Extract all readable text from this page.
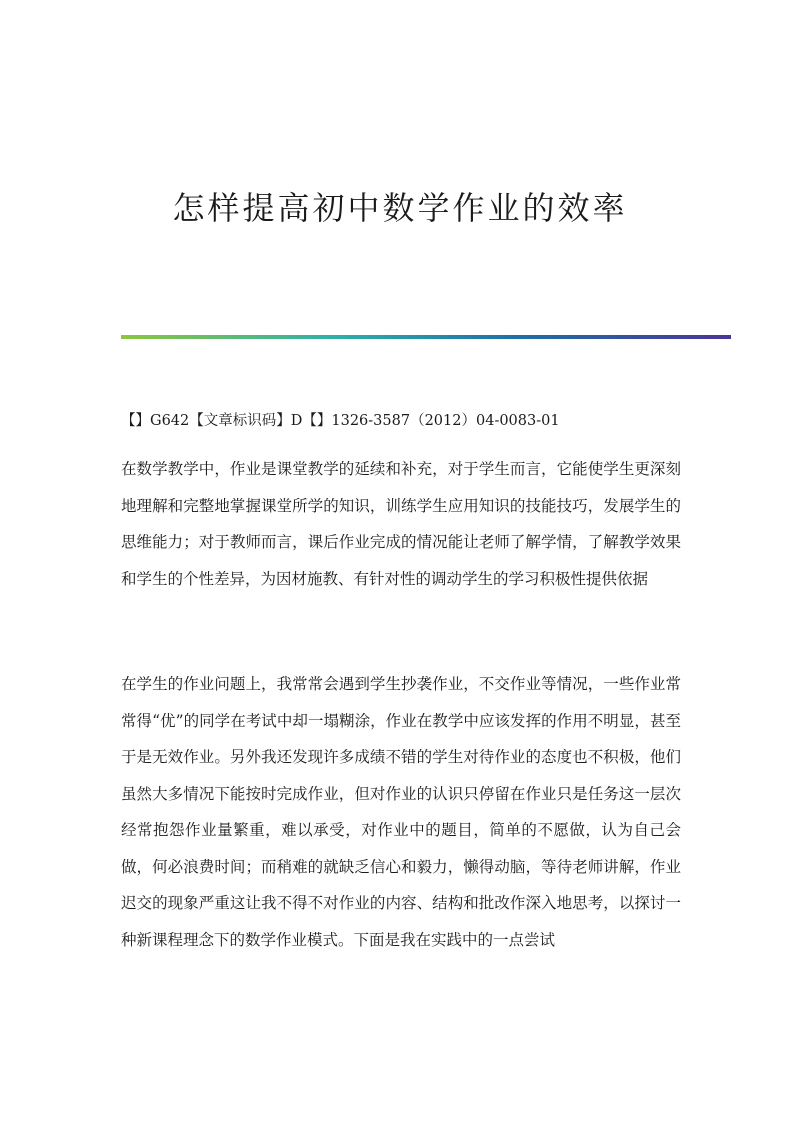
怎样提高初中数学作业的效率
【】G642【文章标识码】D【】1326-3587（2012）04-0083-01

在数学教学中，作业是课堂教学的延续和补充，对于学生而言，它能使学生更深刻地理解和完整地掌握课堂所学的知识，训练学生应用知识的技能技巧，发展学生的思维能力；对于教师而言，课后作业完成的情况能让老师了解学情，了解教学效果和学生的个性差异，为因材施教、有针对性的调动学生的学习积极性提供依据

在学生的作业问题上，我常常会遇到学生抄袭作业，不交作业等情况，一些作业常常得“优”的同学在考试中却一塌糊涂，作业在教学中应该发挥的作用不明显，甚至于是无效作业。另外我还发现许多成绩不错的学生对待作业的态度也不积极，他们虽然大多情况下能按时完成作业，但对作业的认识只停留在作业只是任务这一层次经常抱怨作业量繁重，难以承受，对作业中的题目，简单的不愿做，认为自己会做，何必浪费时间；而稍难的就缺乏信心和毅力，懒得动脑，等待老师讲解，作业迟交的现象严重这让我不得不对作业的内容、结构和批改作深入地思考，以探讨一种新课程理念下的数学作业模式。下面是我在实践中的一点尝试
